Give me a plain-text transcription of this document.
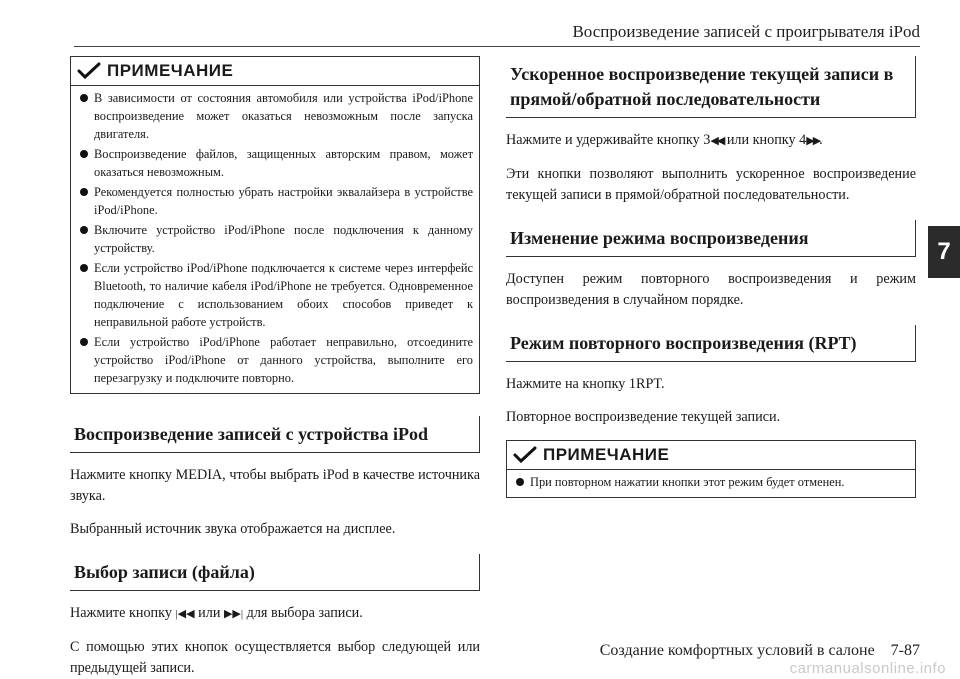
Воспроизведение записей с проигрывателя iPod
7
ПРИМЕЧАНИЕ
В зависимости от состояния автомобиля или устройства iPod/iPhone воспроизведение может оказаться невозможным после запуска двигателя.
Воспроизведение файлов, защищенных авторским правом, может оказаться невозможным.
Рекомендуется полностью убрать настройки эквалайзера в устройстве iPod/iPhone.
Включите устройство iPod/iPhone после подключения к данному устройству.
Если устройство iPod/iPhone подключается к системе через интерфейс Bluetooth, то наличие кабеля iPod/iPhone не требуется. Одновременное подключение с использованием обоих способов приведет к неправильной работе устройств.
Если устройство iPod/iPhone работает неправильно, отсоедините устройство iPod/iPhone от данного устройства, выполните его перезагрузку и подключите повторно.
Воспроизведение записей с устройства iPod

Нажмите кнопку MEDIA, чтобы выбрать iPod в качестве источника звука.

Выбранный источник звука отображается на дисплее.

Выбор записи (файла)

Нажмите кнопку |◀◀ или ▶▶| для выбора записи.

С помощью этих кнопок осуществляется выбор следующей или предыдущей записи.

Ускоренное воспроизведение текущей записи в прямой/обратной последовательности

Нажмите и удерживайте кнопку 3◀◀ или кнопку 4▶▶.

Эти кнопки позволяют выполнить ускоренное воспроизведение текущей записи в прямой/обратной последовательности.

Изменение режима воспроизведения

Доступен режим повторного воспроизведения и режим воспроизведения в случайном порядке.

Режим повторного воспроизведения (RPT)

Нажмите на кнопку 1RPT.

Повторное воспроизведение текущей записи.

ПРИМЕЧАНИЕ
При повторном нажатии кнопки этот режим будет отменен.
Создание комфортных условий в салоне    7-87
carmanualsonline.info
